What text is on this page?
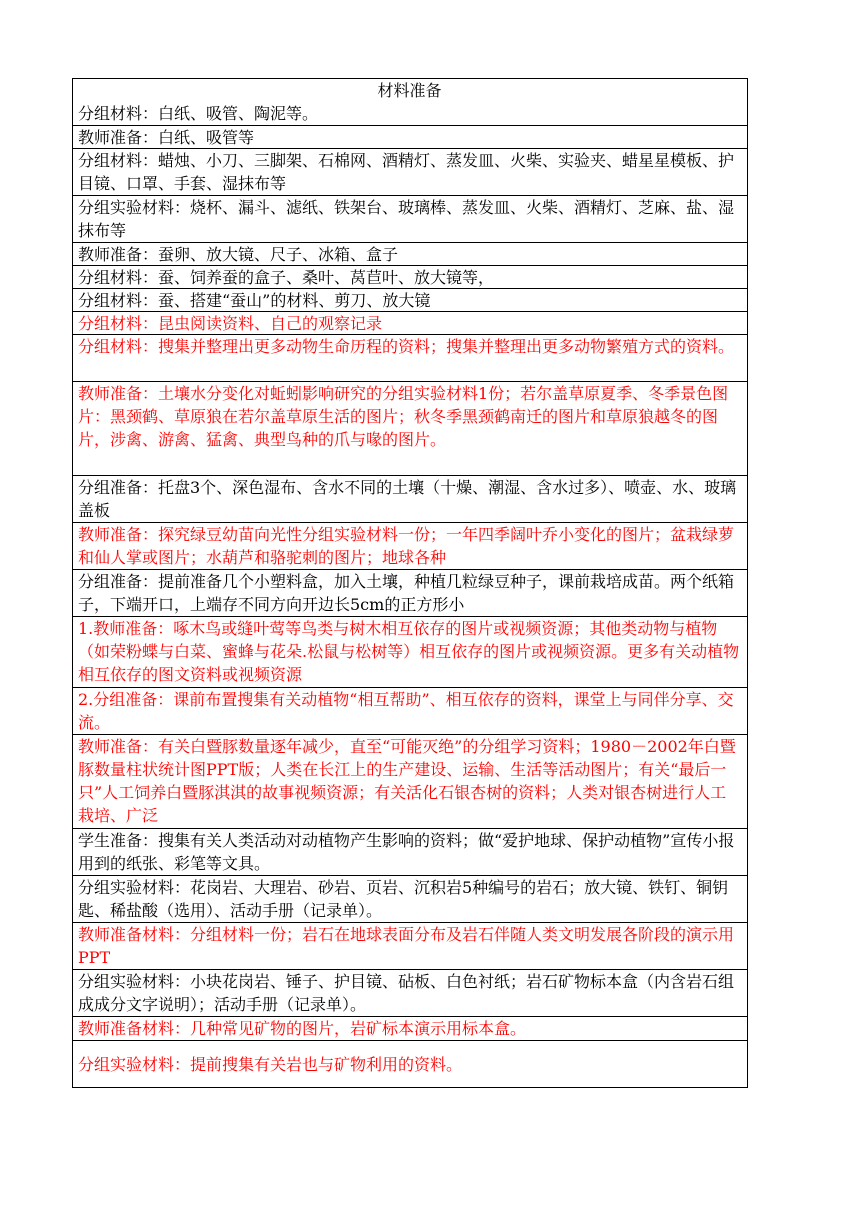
材料准备
分组材料：白纸、吸管、陶泥等。
教师准备：白纸、吸管等
分组材料：蜡烛、小刀、三脚架、石棉网、酒精灯、蒸发皿、火柴、实验夹、蜡星星模板、护目镜、口罩、手套、湿抹布等
分组实验材料：烧杯、漏斗、滤纸、铁架台、玻璃棒、蒸发皿、火柴、酒精灯、芝麻、盐、湿抹布等
教师准备：蚕卵、放大镜、尺子、冰箱、盒子
分组材料：蚕、饲养蚕的盒子、桑叶、莴苣叶、放大镜等，
分组材料：蚕、搭建“蚕山”的材料、剪刀、放大镜
分组材料：昆虫阅读资料、自己的观察记录
分组材料：搜集并整理出更多动物生命历程的资料；搜集并整理出更多动物繁殖方式的资料。
教师准备：土壤水分变化对蚯蚓影响研究的分组实验材料1份；若尔盖草原夏季、冬季景色图片：黑颈鹤、草原狼在若尔盖草原生活的图片；秋冬季黑颈鹤南迁的图片和草原狼越冬的图片，涉禽、游禽、猛禽、典型鸟种的爪与喙的图片。
分组准备：托盘3个、深色湿布、含水不同的土壤（十燥、潮湿、含水过多）、喷壶、水、玻璃盖板
教师准备：探究绿豆幼苗向光性分组实验材料一份；一年四季阔叶乔小变化的图片；盆栽绿萝和仙人掌或图片；水葫芦和骆驼刺的图片；地球各种
分组准备：提前准备几个小塑料盒，加入土壤，种植几粒绿豆种子，课前栽培成苗。两个纸箱子，下端开口，上端存不同方向开边长5cm的正方形小
1.教师准备：啄木鸟或缝叶莺等鸟类与树木相互依存的图片或视频资源；其他类动物与植物（如荣粉蝶与白菜、蜜蜂与花朵.松鼠与松树等）相互依存的图片或视频资源。更多有关动植物相互依存的图文资料或视频资源
2.分组准备：课前布置搜集有关动植物“相互帮助”、相互依存的资料，课堂上与同伴分享、交流。
教师准备：有关白暨豚数量逐年减少，直至“可能灭绝”的分组学习资料；1980－2002年白暨豚数量柱状统计图PPT版；人类在长江上的生产建设、运输、生活等活动图片；有关“最后一只”人工饲养白暨豚淇淇的故事视频资源；有关活化石银杏树的资料；人类对银杏树进行人工栽培、广泛
学生准备：搜集有关人类活动对动植物产生影响的资料；做“爱护地球、保护动植物”宣传小报用到的纸张、彩笔等文具。
分组实验材料：花岗岩、大理岩、砂岩、页岩、沉积岩5种编号的岩石；放大镜、铁钉、铜钥匙、稀盐酸（选用）、活动手册（记录单）。
教师准备材料：分组材料一份；岩石在地球表面分布及岩石伴随人类文明发展各阶段的演示用PPT
分组实验材料：小块花岗岩、锤子、护目镜、砧板、白色衬纸；岩石矿物标本盒（内含岩石组成成分文字说明）；活动手册（记录单）。
教师准备材料：几种常见矿物的图片，岩矿标本演示用标本盒。
分组实验材料：提前搜集有关岩也与矿物利用的资料。
